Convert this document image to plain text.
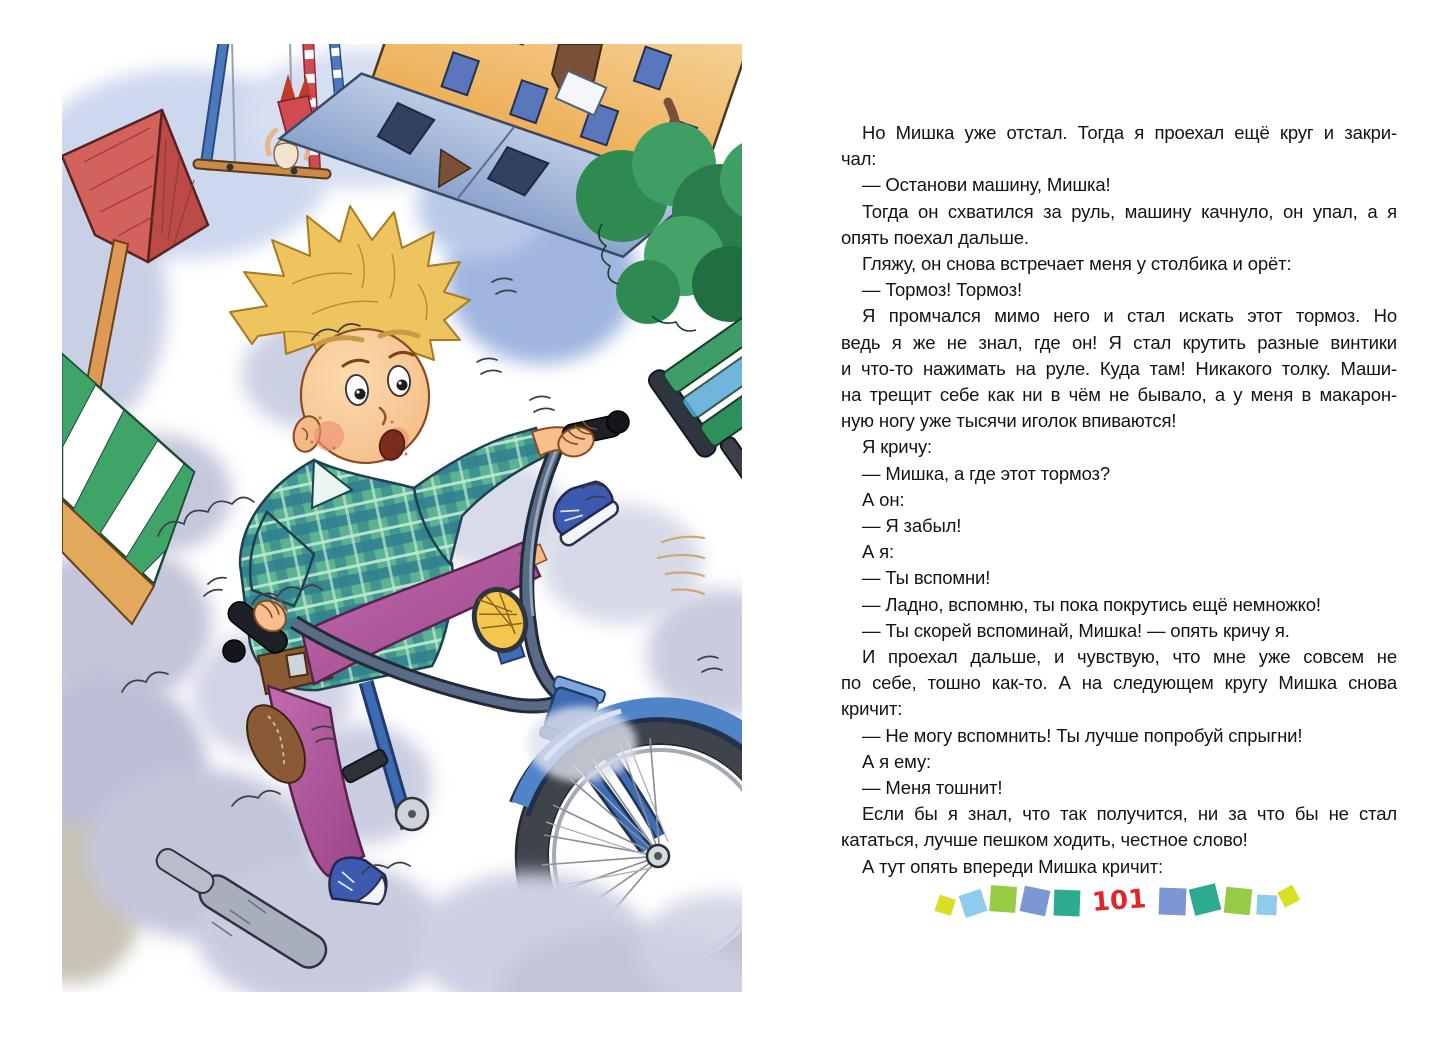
Но Мишка уже отстал. Тогда я проехал ещё круг и закри-
чал:
— Останови машину, Мишка!
Тогда он схватился за руль, машину качнуло, он упал, а я
опять поехал дальше.
Гляжу, он снова встречает меня у столбика и орёт:
— Тормоз! Тормоз!
Я промчался мимо него и стал искать этот тормоз. Но
ведь я же не знал, где он! Я стал крутить разные винтики
и что-то нажимать на руле. Куда там! Никакого толку. Маши-
на трещит себе как ни в чём не бывало, а у меня в макарон-
ную ногу уже тысячи иголок впиваются!
Я кричу:
— Мишка, а где этот тормоз?
А он:
— Я забыл!
А я:
— Ты вспомни!
— Ладно, вспомню, ты пока покрутись ещё немножко!
— Ты скорей вспоминай, Мишка! — опять кричу я.
И проехал дальше, и чувствую, что мне уже совсем не
по себе, тошно как-то. А на следующем кругу Мишка снова
кричит:
— Не могу вспомнить! Ты лучше попробуй спрыгни!
А я ему:
— Меня тошнит!
Если бы я знал, что так получится, ни за что бы не стал
кататься, лучше пешком ходить, честное слово!
А тут опять впереди Мишка кричит:
101
